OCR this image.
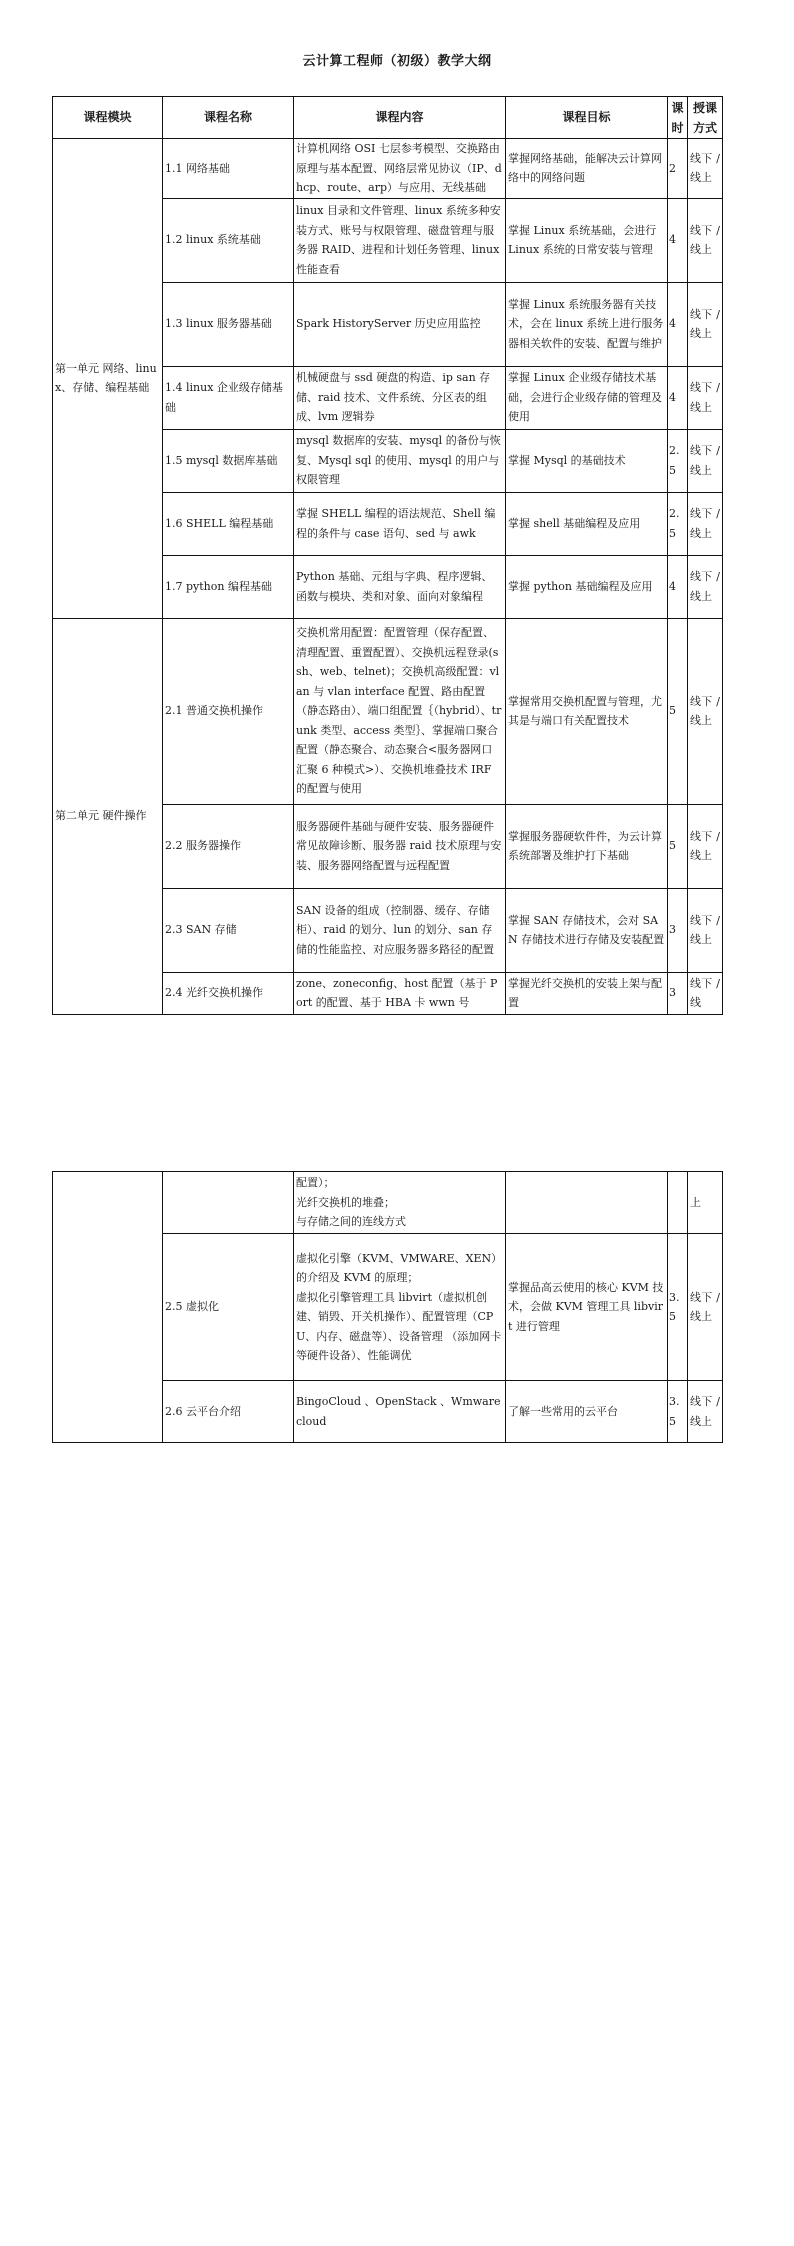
云计算工程师（初级）教学大纲
课程模块	课程名称	课程内容	课程目标	课时	授课方式
第一单元 网络、linux、存储、编程基础	1.1 网络基础	计算机网络 OSI 七层参考模型、交换路由原理与基本配置、网络层常见协议（IP、dhcp、route、arp）与应用、无线基础	掌握网络基础，能解决云计算网络中的网络问题	2	线下 / 线上
	1.2 linux 系统基础	linux 目录和文件管理、linux 系统多种安装方式、账号与权限管理、磁盘管理与服务器 RAID、进程和计划任务管理、linux 性能查看	掌握 Linux 系统基础，会进行 Linux 系统的日常安装与管理	4	线下 / 线上
	1.3 linux 服务器基础	Spark HistoryServer 历史应用监控	掌握 Linux 系统服务器有关技术，会在 linux 系统上进行服务器相关软件的安装、配置与维护	4	线下 / 线上
	1.4 linux 企业级存储基础	机械硬盘与 ssd 硬盘的构造、ip san 存储、raid 技术、文件系统、分区表的组成、lvm 逻辑券	掌握 Linux 企业级存储技术基础，会进行企业级存储的管理及使用	4	线下 / 线上
	1.5 mysql 数据库基础	mysql 数据库的安装、mysql 的备份与恢复、Mysql sql 的使用、mysql 的用户与权限管理	掌握 Mysql 的基础技术	2.5	线下 / 线上
	1.6 SHELL 编程基础	掌握 SHELL 编程的语法规范、Shell 编程的条件与 case 语句、sed 与 awk	掌握 shell 基础编程及应用	2.5	线下 / 线上
	1.7 python 编程基础	Python 基础、元组与字典、程序逻辑、函数与模块、类和对象、面向对象编程	掌握 python 基础编程及应用	4	线下 / 线上
第二单元 硬件操作	2.1 普通交换机操作	交换机常用配置：配置管理（保存配置、清理配置、重置配置）、交换机远程登录(ssh、web、telnet)；交换机高级配置：vlan 与 vlan interface 配置、路由配置（静态路由）、端口组配置｛（hybrid）、trunk 类型、access 类型｝、掌握端口聚合配置（静态聚合、动态聚合<服务器网口汇聚 6 种模式>）、交换机堆叠技术 IRF 的配置与使用	掌握常用交换机配置与管理，尤其是与端口有关配置技术	5	线下 / 线上
	2.2 服务器操作	服务器硬件基础与硬件安装、服务器硬件常见故障诊断、服务器 raid 技术原理与安装、服务器网络配置与远程配置	掌握服务器硬软件件，为云计算系统部署及维护打下基础	5	线下 / 线上
	2.3 SAN 存储	SAN 设备的组成（控制器、缓存、存储柜）、raid 的划分、lun 的划分、san 存储的性能监控、对应服务器多路径的配置	掌握 SAN 存储技术，会对 SAN 存储技术进行存储及安装配置	3	线下 / 线上
	2.4 光纤交换机操作	zone、zoneconfig、host 配置（基于 Port 的配置、基于 HBA 卡 wwn 号	掌握光纤交换机的安装上架与配置	3	线下 / 线
		配置）；
光纤交换机的堆叠；
与存储之间的连线方式			上
	2.5 虚拟化	虚拟化引擎（KVM、VMWARE、XEN）的介绍及 KVM 的原理；
虚拟化引擎管理工具 libvirt（虚拟机创建、销毁、开关机操作）、配置管理（CPU、内存、磁盘等）、设备管理 （添加网卡等硬件设备）、性能调优	掌握品高云使用的核心 KVM 技术，会做 KVM 管理工具 libvirt 进行管理	3.5	线下 / 线上
	2.6 云平台介绍	BingoCloud 、OpenStack 、Wmware cloud	了解一些常用的云平台	3.5	线下 / 线上
